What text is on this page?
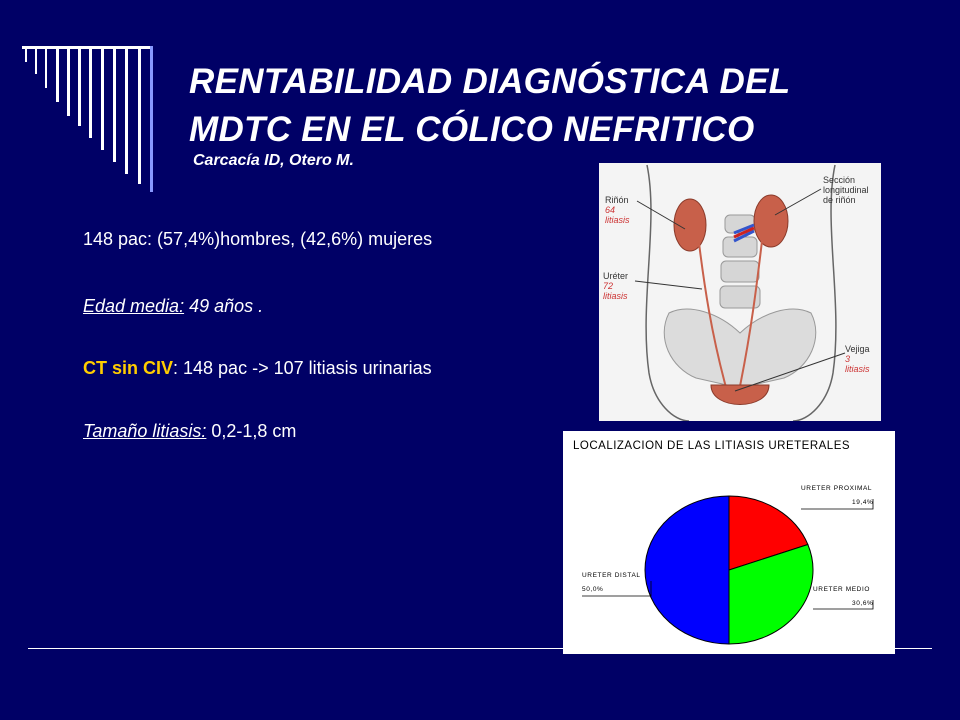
RENTABILIDAD DIAGNÓSTICA DEL
MDTC EN EL CÓLICO NEFRITICO
Carcacía ID, Otero M.
148 pac: (57,4%)hombres, (42,6%) mujeres
Edad media: 49 años .
CT sin CIV: 148 pac -> 107 litiasis urinarias
Tamaño litiasis: 0,2-1,8 cm
Riñón
64
litiasis
Sección
longitudinal
de riñón
Uréter
72
litiasis
Vejiga
3
litiasis
LOCALIZACION DE LAS LITIASIS URETERALES
URETER PROXIMAL
19,4%
URETER MEDIO
30,6%
URETER DISTAL
50,0%
